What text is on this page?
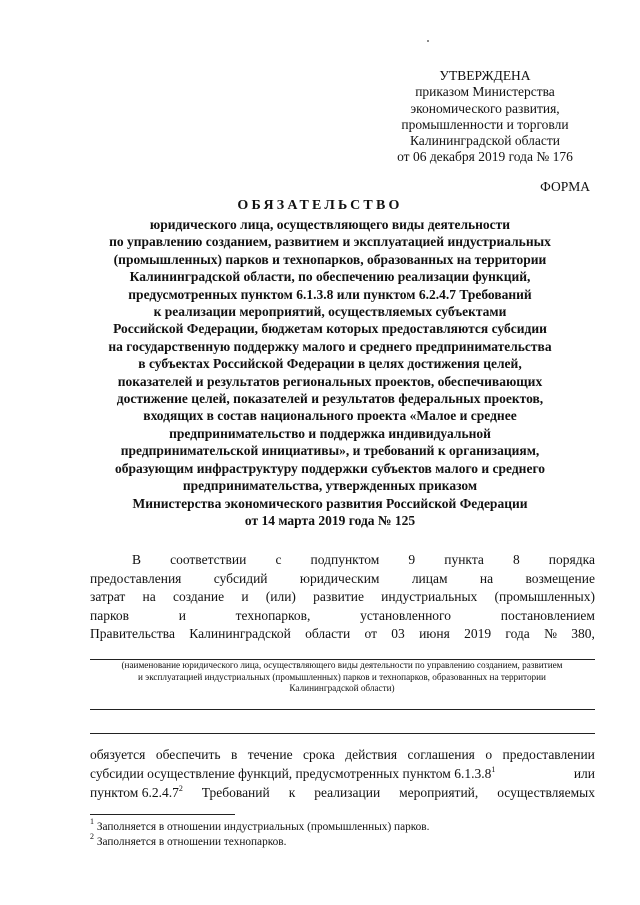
УТВЕРЖДЕНА
приказом Министерства
экономического развития,
промышленности и торговли
Калининградской области
от 06 декабря 2019 года № 176
ФОРМА
ОБЯЗАТЕЛЬСТВО
юридического лица, осуществляющего виды деятельности
по управлению созданием, развитием и эксплуатацией индустриальных
(промышленных) парков и технопарков, образованных на территории
Калининградской области, по обеспечению реализации функций,
предусмотренных пунктом 6.1.3.8 или пунктом 6.2.4.7 Требований
к реализации мероприятий, осуществляемых субъектами
Российской Федерации, бюджетам которых предоставляются субсидии
на государственную поддержку малого и среднего предпринимательства
в субъектах Российской Федерации в целях достижения целей,
показателей и результатов региональных проектов, обеспечивающих
достижение целей, показателей и результатов федеральных проектов,
входящих в состав национального проекта «Малое и среднее
предпринимательство и поддержка индивидуальной
предпринимательской инициативы», и требований к организациям,
образующим инфраструктуру поддержки субъектов малого и среднего
предпринимательства, утвержденных приказом
Министерства экономического развития Российской Федерации
от 14 марта 2019 года № 125
В соответствии с подпунктом 9 пункта 8 порядка
предоставления субсидий юридическим лицам на возмещение
затрат на создание и (или) развитие индустриальных (промышленных)
парков	и	технопарков,	установленного	постановлением
Правительства Калининградской области от 03 июня 2019 года № 380,
(наименование юридического лица, осуществляющего виды деятельности по управлению созданием, развитием
и эксплуатацией индустриальных (промышленных) парков и технопарков, образованных на территории
Калининградской области)
обязуется обеспечить в течение срока действия соглашения о предоставлении
субсидии осуществление функций, предусмотренных пунктом 6.1.3.8$^1$	или
пунктом 6.2.4.7$^2$ Требований к реализации мероприятий, осуществляемых
$^1$ Заполняется в отношении индустриальных (промышленных) парков.
$^2$ Заполняется в отношении технопарков.
